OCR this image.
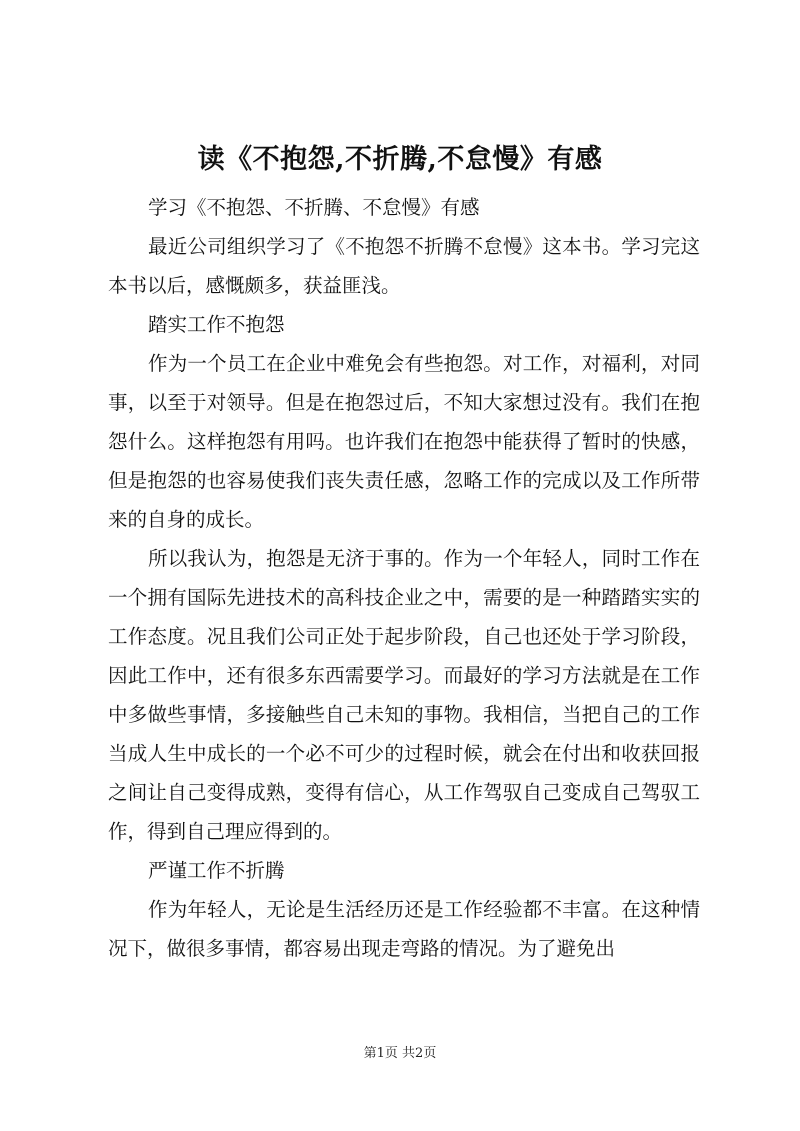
读《不抱怨,不折腾,不怠慢》有感

学习《不抱怨、不折腾、不怠慢》有感

最近公司组织学习了《不抱怨不折腾不怠慢》这本书。学习完这本书以后，感慨颇多，获益匪浅。

踏实工作不抱怨

作为一个员工在企业中难免会有些抱怨。对工作，对福利，对同事，以至于对领导。但是在抱怨过后，不知大家想过没有。我们在抱怨什么。这样抱怨有用吗。也许我们在抱怨中能获得了暂时的快感，但是抱怨的也容易使我们丧失责任感，忽略工作的完成以及工作所带来的自身的成长。

所以我认为，抱怨是无济于事的。作为一个年轻人，同时工作在一个拥有国际先进技术的高科技企业之中，需要的是一种踏踏实实的工作态度。况且我们公司正处于起步阶段，自己也还处于学习阶段，因此工作中，还有很多东西需要学习。而最好的学习方法就是在工作中多做些事情，多接触些自己未知的事物。我相信，当把自己的工作当成人生中成长的一个必不可少的过程时候，就会在付出和收获回报之间让自己变得成熟，变得有信心，从工作驾驭自己变成自己驾驭工作，得到自己理应得到的。

严谨工作不折腾

作为年轻人，无论是生活经历还是工作经验都不丰富。在这种情况下，做很多事情，都容易出现走弯路的情况。为了避免出

第1页 共2页
